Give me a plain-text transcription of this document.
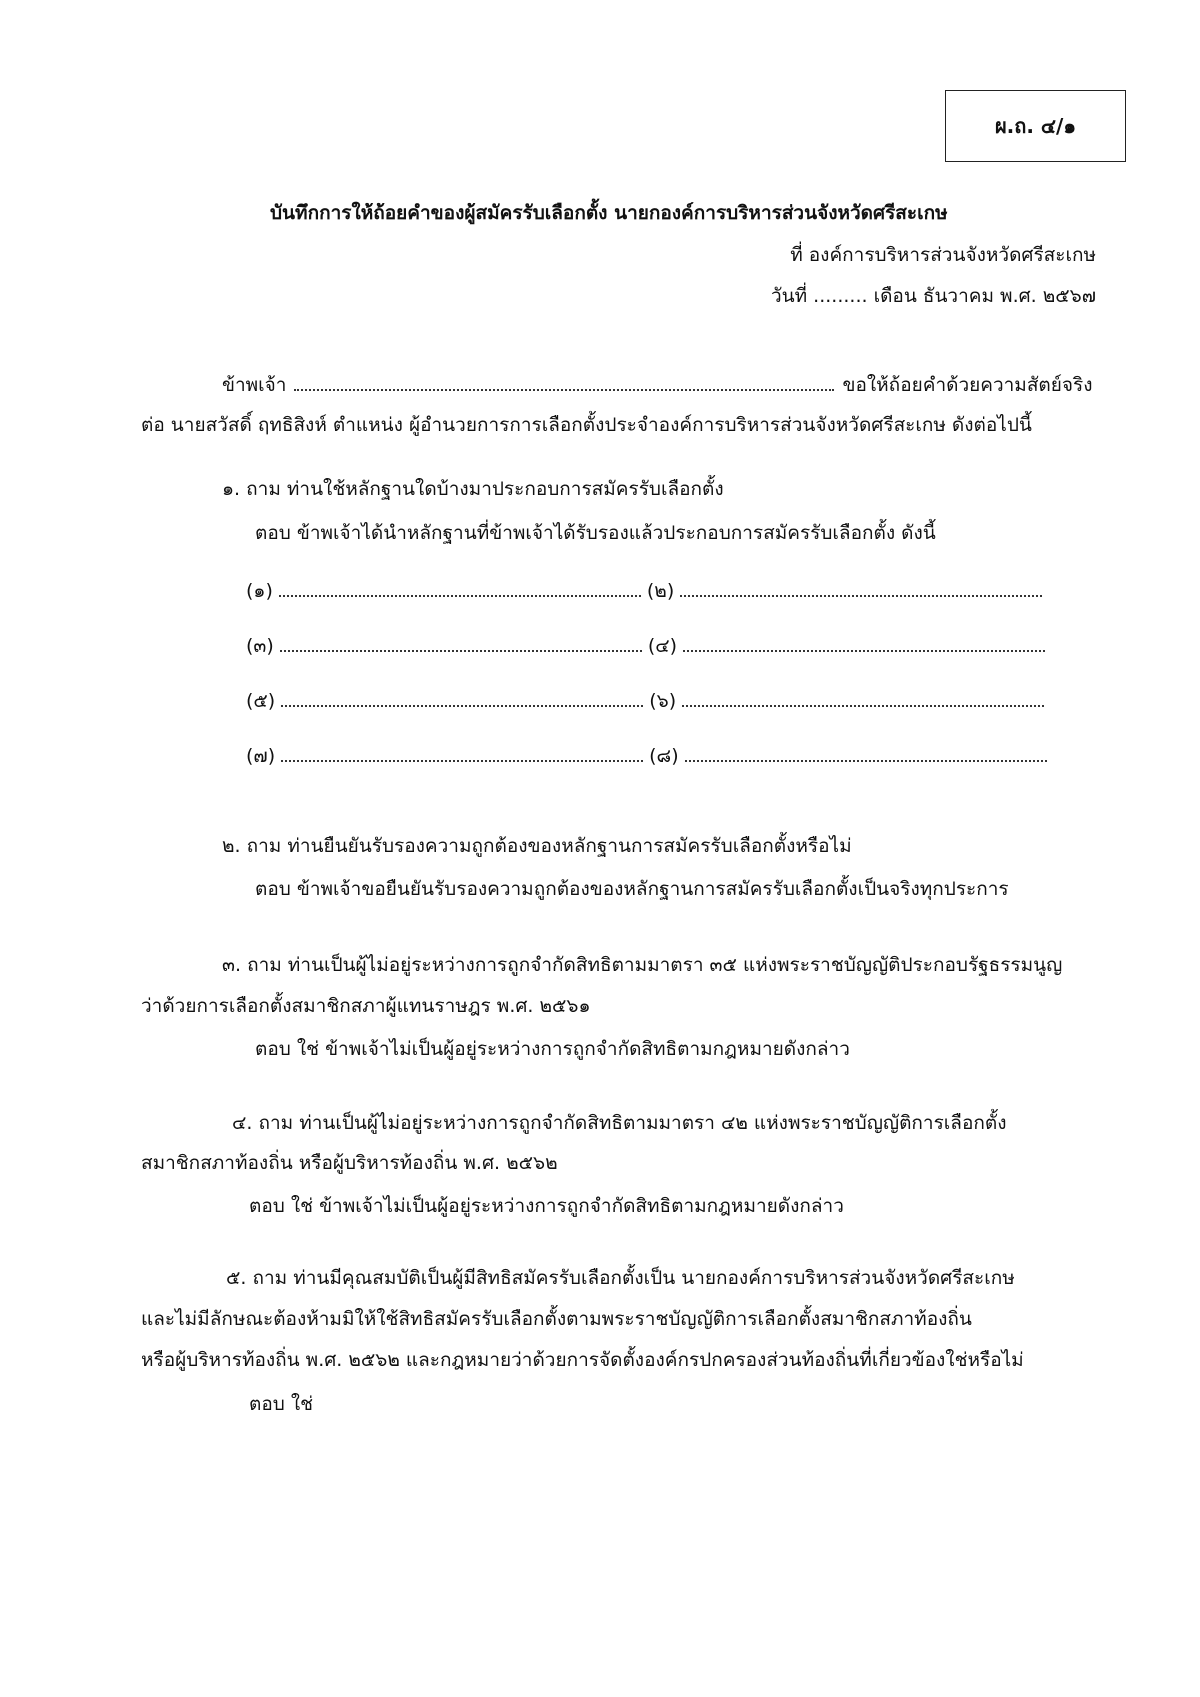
ผ.ถ. ๔/๑
บันทึกการให้ถ้อยคำของผู้สมัครรับเลือกตั้ง นายกองค์การบริหารส่วนจังหวัดศรีสะเกษ
ที่ องค์การบริหารส่วนจังหวัดศรีสะเกษ
วันที่ ......... เดือน ธันวาคม พ.ศ. ๒๕๖๗
ข้าพเจ้า	ขอให้ถ้อยคำด้วยความสัตย์จริง
ต่อ นายสวัสดิ์ ฤทธิสิงห์ ตำแหน่ง ผู้อำนวยการการเลือกตั้งประจำองค์การบริหารส่วนจังหวัดศรีสะเกษ ดังต่อไปนี้
๑. ถาม ท่านใช้หลักฐานใดบ้างมาประกอบการสมัครรับเลือกตั้ง
ตอบ ข้าพเจ้าได้นำหลักฐานที่ข้าพเจ้าได้รับรองแล้วประกอบการสมัครรับเลือกตั้ง ดังนี้
(๑)	(๒)
(๓)	(๔)
(๕)	(๖)
(๗)	(๘)
๒. ถาม ท่านยืนยันรับรองความถูกต้องของหลักฐานการสมัครรับเลือกตั้งหรือไม่
ตอบ ข้าพเจ้าขอยืนยันรับรองความถูกต้องของหลักฐานการสมัครรับเลือกตั้งเป็นจริงทุกประการ
๓. ถาม ท่านเป็นผู้ไม่อยู่ระหว่างการถูกจำกัดสิทธิตามมาตรา ๓๕ แห่งพระราชบัญญัติประกอบรัฐธรรมนูญ
ว่าด้วยการเลือกตั้งสมาชิกสภาผู้แทนราษฎร พ.ศ. ๒๕๖๑
ตอบ ใช่ ข้าพเจ้าไม่เป็นผู้อยู่ระหว่างการถูกจำกัดสิทธิตามกฎหมายดังกล่าว
๔. ถาม ท่านเป็นผู้ไม่อยู่ระหว่างการถูกจำกัดสิทธิตามมาตรา ๔๒ แห่งพระราชบัญญัติการเลือกตั้ง
สมาชิกสภาท้องถิ่น หรือผู้บริหารท้องถิ่น พ.ศ. ๒๕๖๒
ตอบ ใช่ ข้าพเจ้าไม่เป็นผู้อยู่ระหว่างการถูกจำกัดสิทธิตามกฎหมายดังกล่าว
๕. ถาม ท่านมีคุณสมบัติเป็นผู้มีสิทธิสมัครรับเลือกตั้งเป็น นายกองค์การบริหารส่วนจังหวัดศรีสะเกษ
และไม่มีลักษณะต้องห้ามมิให้ใช้สิทธิสมัครรับเลือกตั้งตามพระราชบัญญัติการเลือกตั้งสมาชิกสภาท้องถิ่น
หรือผู้บริหารท้องถิ่น พ.ศ. ๒๕๖๒ และกฎหมายว่าด้วยการจัดตั้งองค์กรปกครองส่วนท้องถิ่นที่เกี่ยวข้องใช่หรือไม่
ตอบ ใช่
